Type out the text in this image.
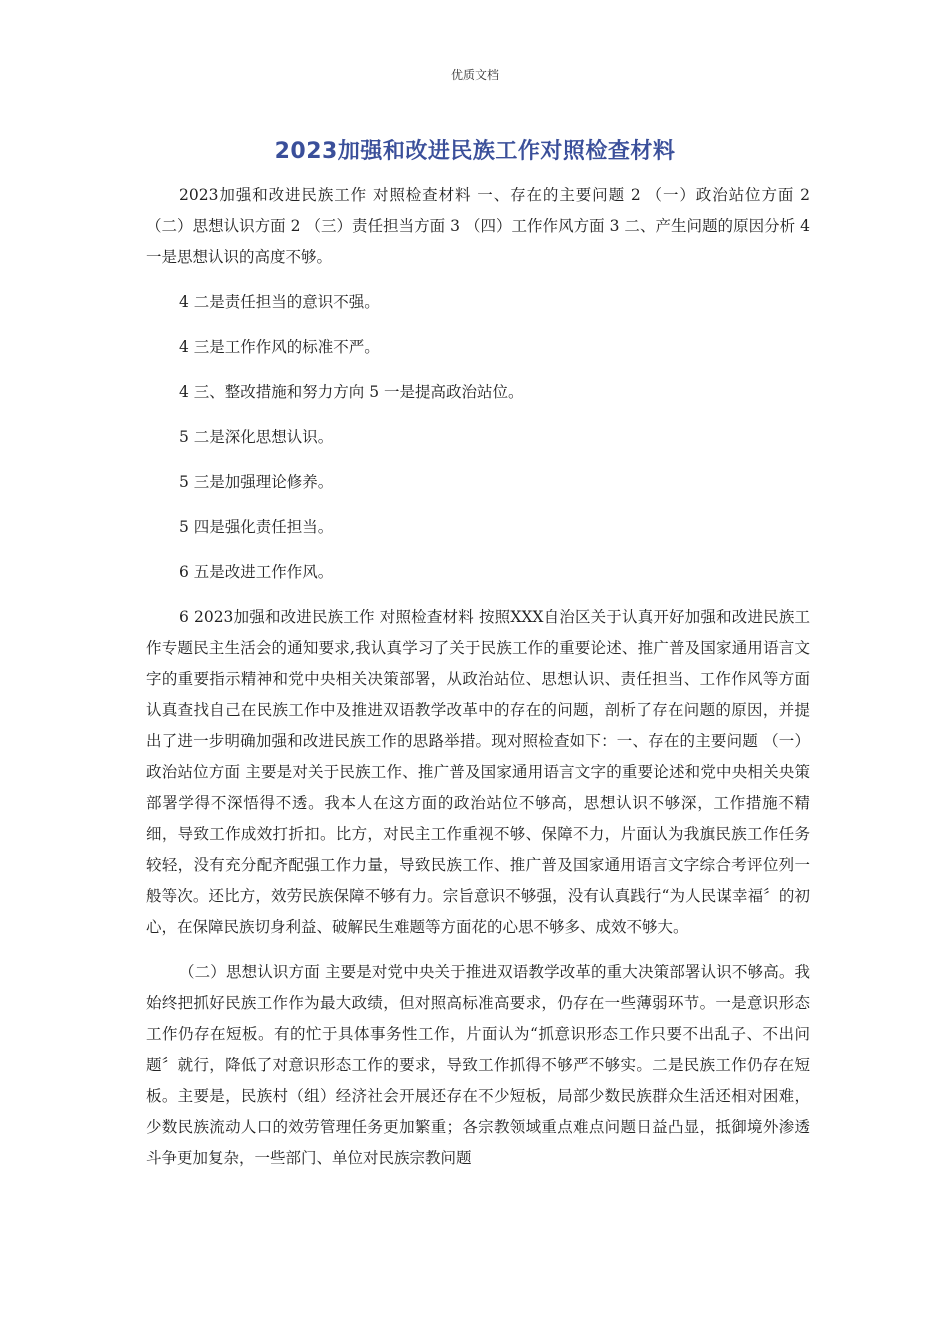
优质文档
2023加强和改进民族工作对照检查材料

2023加强和改进民族工作 对照检查材料 一、存在的主要问题 2 （一）政治站位方面 2 （二）思想认识方面 2 （三）责任担当方面 3 （四）工作作风方面 3 二、产生问题的原因分析 4 一是思想认识的高度不够。

4 二是责任担当的意识不强。

4 三是工作作风的标准不严。

4 三、整改措施和努力方向 5 一是提高政治站位。

5 二是深化思想认识。

5 三是加强理论修养。

5 四是强化责任担当。

6 五是改进工作作风。

6 2023加强和改进民族工作 对照检查材料 按照XXX自治区关于认真开好加强和改进民族工作专题民主生活会的通知要求,我认真学习了关于民族工作的重要论述、推广普及国家通用语言文字的重要指示精神和党中央相关决策部署，从政治站位、思想认识、责任担当、工作作风等方面认真查找自己在民族工作中及推进双语教学改革中的存在的问题，剖析了存在问题的原因，并提出了进一步明确加强和改进民族工作的思路举措。现对照检查如下：一、存在的主要问题 （一）政治站位方面 主要是对关于民族工作、推广普及国家通用语言文字的重要论述和党中央相关央策部署学得不深悟得不透。我本人在这方面的政治站位不够高，思想认识不够深，工作措施不精细，导致工作成效打折扣。比方，对民主工作重视不够、保障不力，片面认为我旗民族工作任务较轻，没有充分配齐配强工作力量，导致民族工作、推广普及国家通用语言文字综合考评位列一般等次。还比方，效劳民族保障不够有力。宗旨意识不够强，没有认真践行“为人民谋幸福〞的初心，在保障民族切身利益、破解民生难题等方面花的心思不够多、成效不够大。

（二）思想认识方面 主要是对党中央关于推进双语教学改革的重大决策部署认识不够高。我始终把抓好民族工作作为最大政绩，但对照高标准高要求，仍存在一些薄弱环节。一是意识形态工作仍存在短板。有的忙于具体事务性工作，片面认为“抓意识形态工作只要不出乱子、不出问题〞就行，降低了对意识形态工作的要求，导致工作抓得不够严不够实。二是民族工作仍存在短板。主要是，民族村（组）经济社会开展还存在不少短板，局部少数民族群众生活还相对困难，少数民族流动人口的效劳管理任务更加繁重；各宗教领域重点难点问题日益凸显，抵御境外渗透斗争更加复杂，一些部门、单位对民族宗教问题
